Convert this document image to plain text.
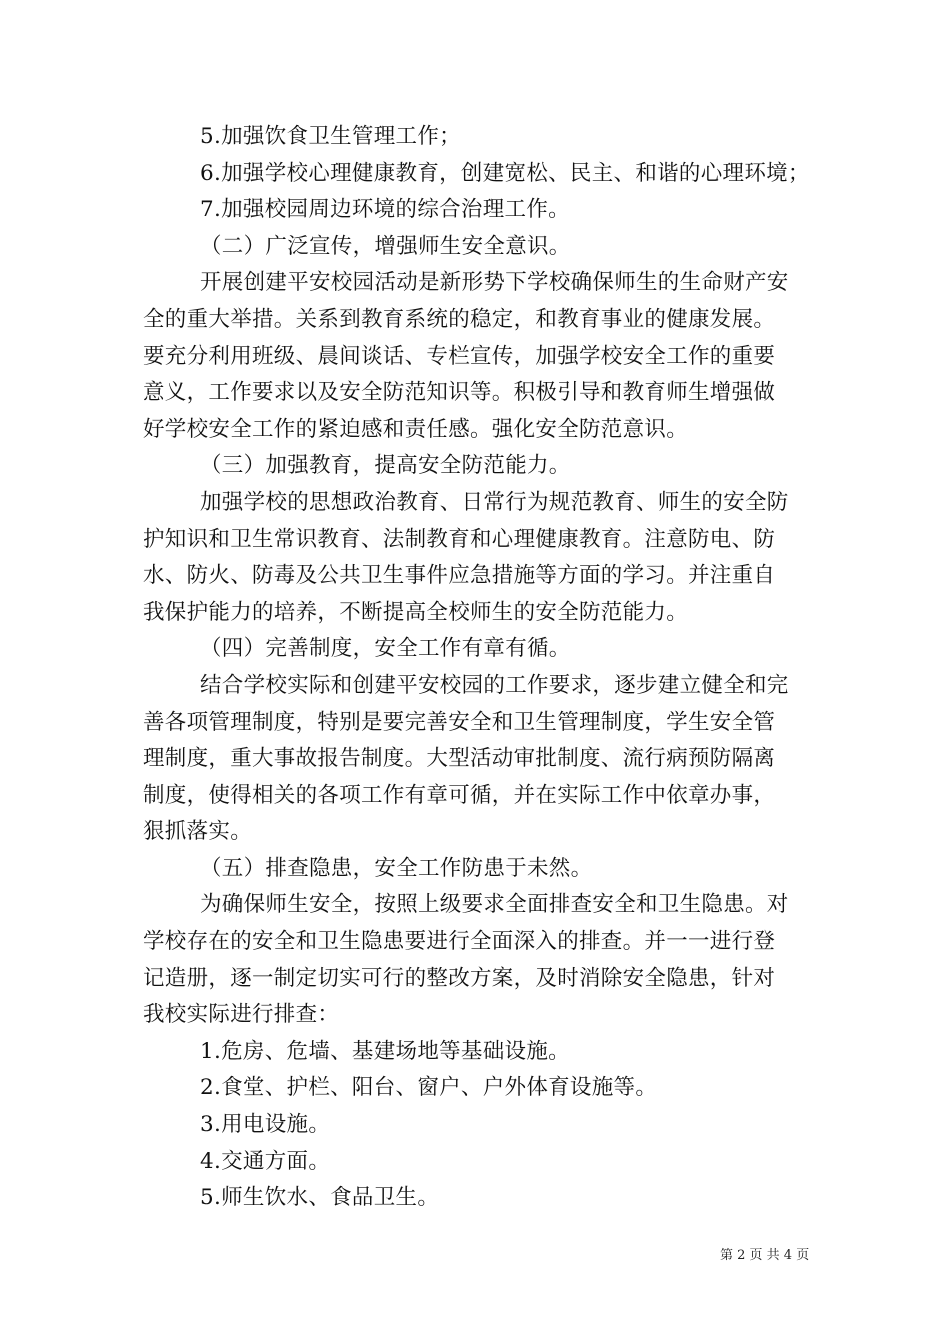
5.加强饮食卫生管理工作；
6.加强学校心理健康教育，创建宽松、民主、和谐的心理环境；
7.加强校园周边环境的综合治理工作。
（二）广泛宣传，增强师生安全意识。
开展创建平安校园活动是新形势下学校确保师生的生命财产安
全的重大举措。关系到教育系统的稳定，和教育事业的健康发展。
要充分利用班级、晨间谈话、专栏宣传，加强学校安全工作的重要
意义，工作要求以及安全防范知识等。积极引导和教育师生增强做
好学校安全工作的紧迫感和责任感。强化安全防范意识。
（三）加强教育，提高安全防范能力。
加强学校的思想政治教育、日常行为规范教育、师生的安全防
护知识和卫生常识教育、法制教育和心理健康教育。注意防电、防
水、防火、防毒及公共卫生事件应急措施等方面的学习。并注重自
我保护能力的培养，不断提高全校师生的安全防范能力。
（四）完善制度，安全工作有章有循。
结合学校实际和创建平安校园的工作要求，逐步建立健全和完
善各项管理制度，特别是要完善安全和卫生管理制度，学生安全管
理制度，重大事故报告制度。大型活动审批制度、流行病预防隔离
制度，使得相关的各项工作有章可循，并在实际工作中依章办事，
狠抓落实。
（五）排查隐患，安全工作防患于未然。
为确保师生安全，按照上级要求全面排查安全和卫生隐患。对
学校存在的安全和卫生隐患要进行全面深入的排查。并一一进行登
记造册，逐一制定切实可行的整改方案，及时消除安全隐患，针对
我校实际进行排查：
1.危房、危墙、基建场地等基础设施。
2.食堂、护栏、阳台、窗户、户外体育设施等。
3.用电设施。
4.交通方面。
5.师生饮水、食品卫生。
第 2 页 共 4 页
